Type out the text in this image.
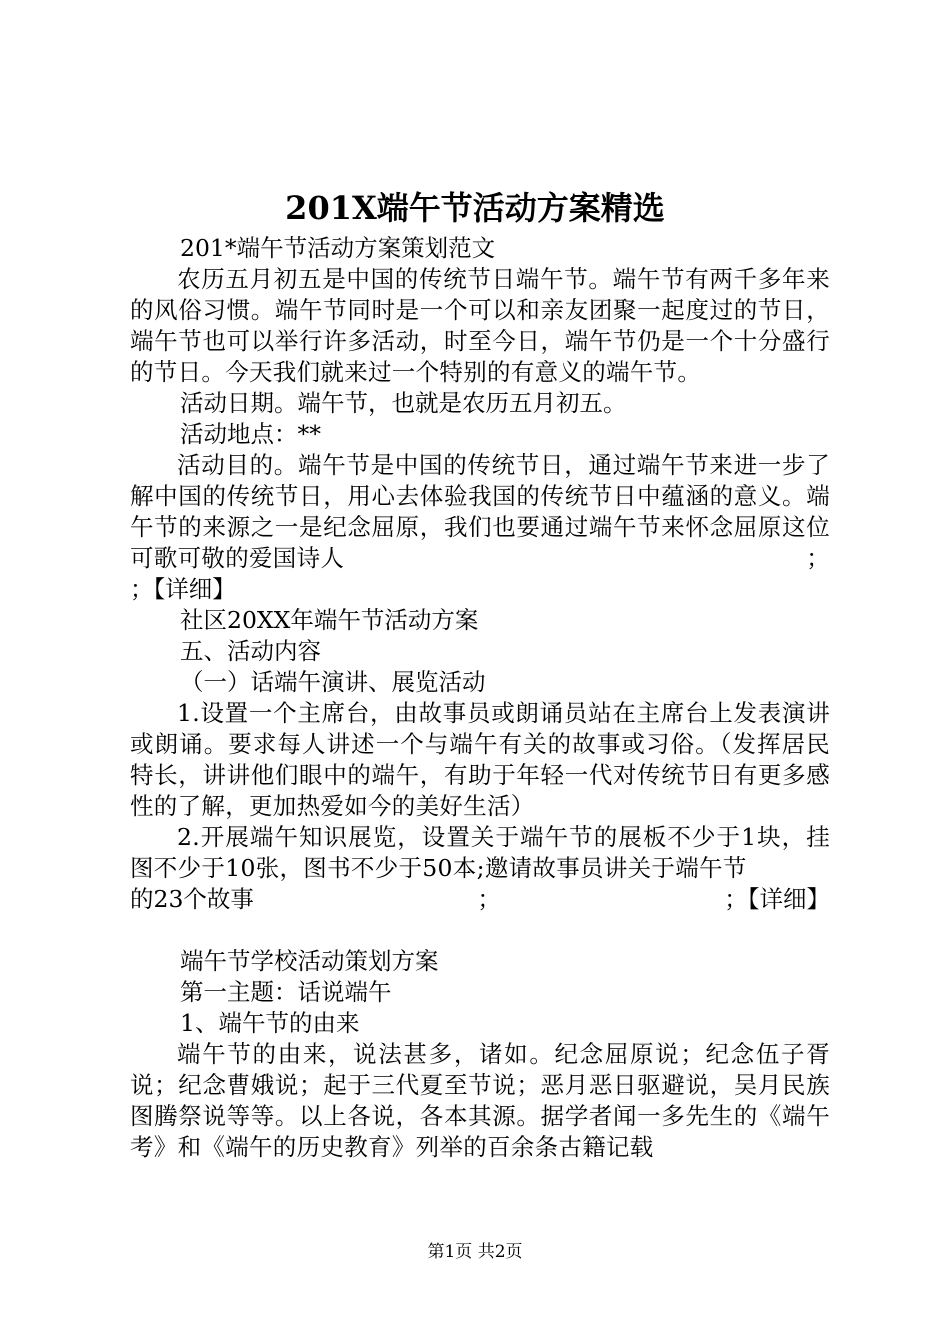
201X端午节活动方案精选

201*端午节活动方案策划范文

农历五月初五是中国的传统节日端午节。端午节有两千多年来的风俗习惯。端午节同时是一个可以和亲友团聚一起度过的节日，端午节也可以举行许多活动，时至今日，端午节仍是一个十分盛行的节日。今天我们就来过一个特别的有意义的端午节。

活动日期。端午节，也就是农历五月初五。

活动地点：**

活动目的。端午节是中国的传统节日，通过端午节来进一步了解中国的传统节日，用心去体验我国的传统节日中蕴涵的意义。端午节的来源之一是纪念屈原，我们也要通过端午节来怀念屈原这位可歌可敬的爱国诗人	；

；【详细】

社区20XX年端午节活动方案

五、活动内容

（一）话端午演讲、展览活动

1.设置一个主席台，由故事员或朗诵员站在主席台上发表演讲或朗诵。要求每人讲述一个与端午有关的故事或习俗。（发挥居民特长，讲讲他们眼中的端午，有助于年轻一代对传统节日有更多感性的了解，更加热爱如今的美好生活）

2.开展端午知识展览，设置关于端午节的展板不少于1块，挂图不少于10张，图书不少于50本;邀请故事员讲关于端午节

的23个故事	；	；【详细】

端午节学校活动策划方案

第一主题：话说端午

1、端午节的由来

端午节的由来，说法甚多，诸如。纪念屈原说；纪念伍子胥说；纪念曹娥说；起于三代夏至节说；恶月恶日驱避说，吴月民族图腾祭说等等。以上各说，各本其源。据学者闻一多先生的《端午考》和《端午的历史教育》列举的百余条古籍记载

第1页 共2页
